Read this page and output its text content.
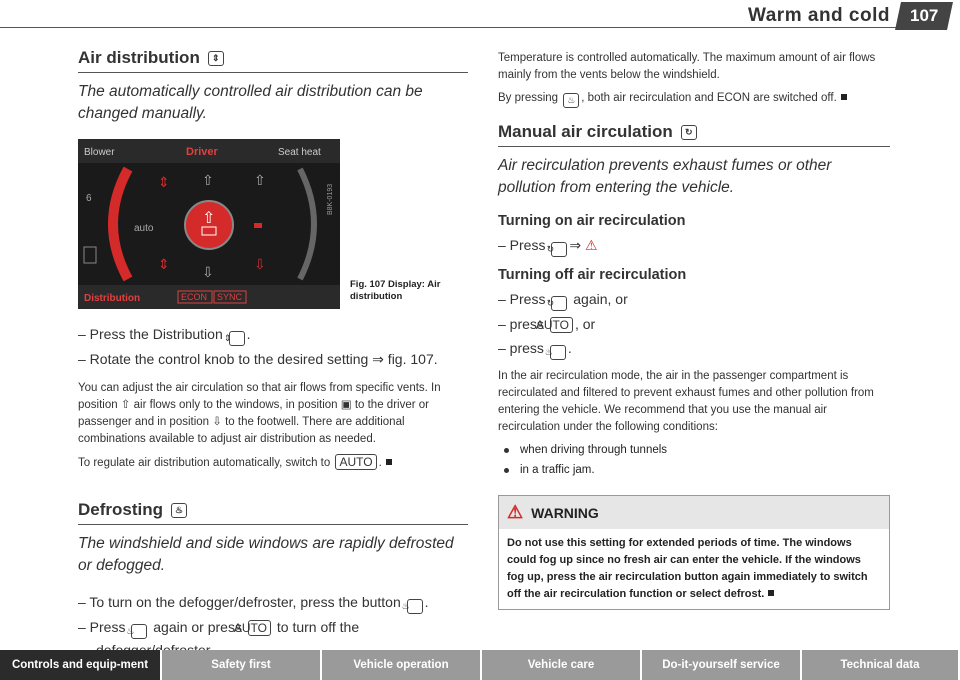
Warm and cold	107
Air distribution	⇕

The automatically controlled air distribution can be changed manually.

Blower	Driver	Seat heat
Distribution	ECON SYNC
6
auto
⇧
⇕ ⇧	⇧
⇩
⇕	⇩
B8K-0193
Fig. 107 Display: Air distribution

– Press the Distribution ⇕ .

– Rotate the control knob to the desired setting ⇒ fig. 107.

You can adjust the air circulation so that air flows from specific vents. In position ⇧ air flows only to the windows, in position ▣ to the driver or passenger and in position ⇩ to the footwell. There are additional combinations available to adjust air distribution as needed.

To regulate air distribution automatically, switch to AUTO .

Defrosting	♨

The windshield and side windows are rapidly defrosted or defogged.

– To turn on the defogger/defroster, press the button ♨ .

– Press ♨ again or press AUTO to turn off the

Temperature is controlled automatically. The maximum amount of air flows mainly from the vents below the windshield.

By pressing ♨ , both air recirculation and ECON are switched off.

Manual air circulation	↻

Air recirculation prevents exhaust fumes or other pollution from entering the vehicle.

Turning on air recirculation

– Press ↻ ⇒ ⚠

Turning off air recirculation

– Press ↻ again, or

– press AUTO , or

– press ♨ .

In the air recirculation mode, the air in the passenger compartment is recirculated and filtered to prevent exhaust fumes and other pollution from entering the vehicle. We recommend that you use the manual air recirculation under the following conditions:

when driving through tunnels
in a traffic jam.
⚠ WARNING
Do not use this setting for extended periods of time. The windows could fog up since no fresh air can enter the vehicle. If the windows fog up, press the air recirculation button again immediately to switch off the air recirculation function or select defrost.
Controls and equip-ment	Safety first	Vehicle operation	Vehicle care	Do-it-yourself service	Technical data
